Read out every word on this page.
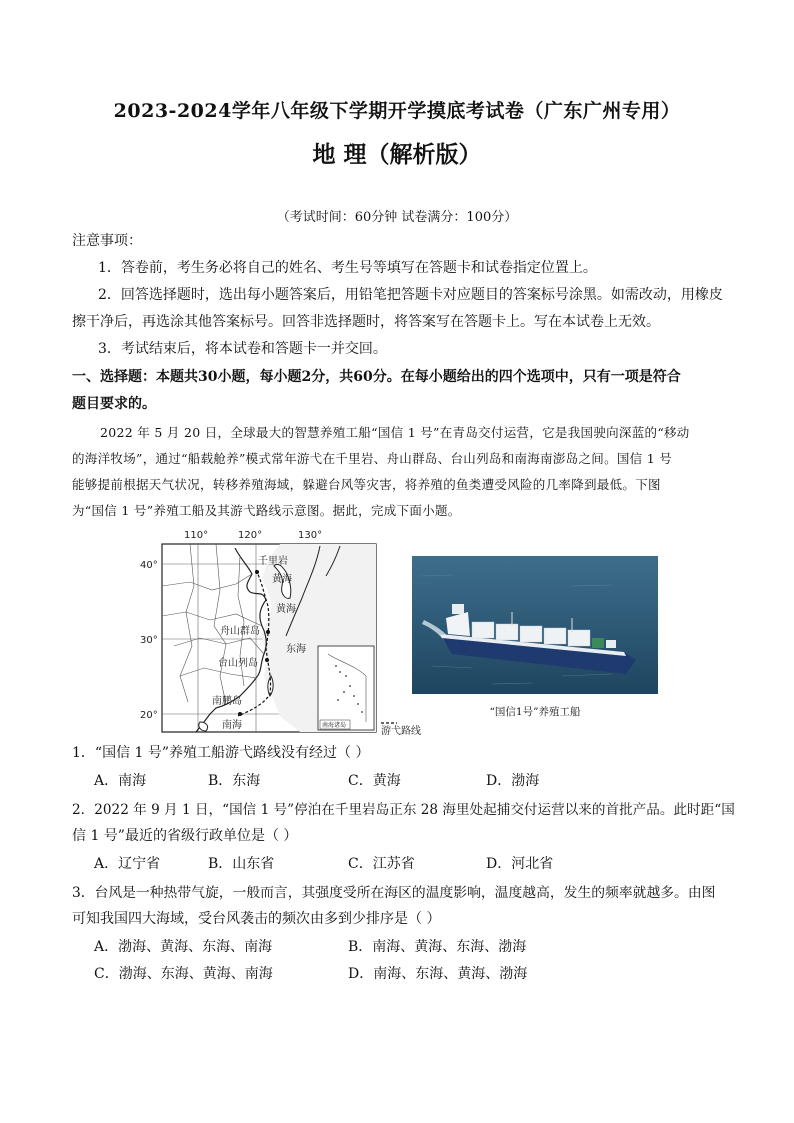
2023-2024学年八年级下学期开学摸底考试卷（广东广州专用）
地 理（解析版）
（考试时间：60分钟 试卷满分：100分）
注意事项：
1．答卷前，考生务必将自己的姓名、考生号等填写在答题卡和试卷指定位置上。
2．回答选择题时，选出每小题答案后，用铅笔把答题卡对应题目的答案标号涂黑。如需改动，用橡皮
擦干净后，再选涂其他答案标号。回答非选择题时，将答案写在答题卡上。写在本试卷上无效。
3．考试结束后，将本试卷和答题卡一并交回。
一、选择题：本题共30小题，每小题2分，共60分。在每小题给出的四个选项中，只有一项是符合
题目要求的。
2022 年 5 月 20 日，全球最大的智慧养殖工船“国信 1 号”在青岛交付运营，它是我国驶向深蓝的“移动
的海洋牧场”，通过“船载舱养”模式常年游弋在千里岩、舟山群岛、台山列岛和南海南澎岛之间。国信 1 号
能够提前根据天气状况，转移养殖海域，躲避台风等灾害，将养殖的鱼类遭受风险的几率降到最低。下图
为“国信 1 号”养殖工船及其游弋路线示意图。据此，完成下面小题。
110°	120°	130°
40°
30°
20°
千里岩
黄海
黄海
舟山群岛
东海
台山列岛
南鹏岛
南海	南海诸岛
游弋路线
“国信1号”养殖工船
1．“国信 1 号”养殖工船游弋路线没有经过（ ）
A．南海	B．东海	C．黄海	D．渤海
2．2022 年 9 月 1 日，“国信 1 号”停泊在千里岩岛正东 28 海里处起捕交付运营以来的首批产品。此时距“国
信 1 号”最近的省级行政单位是（ ）
A．辽宁省	B．山东省	C．江苏省	D．河北省
3．台风是一种热带气旋，一般而言，其强度受所在海区的温度影响，温度越高，发生的频率就越多。由图
可知我国四大海域，受台风袭击的频次由多到少排序是（ ）
A．渤海、黄海、东海、南海	B．南海、黄海、东海、渤海
C．渤海、东海、黄海、南海	D．南海、东海、黄海、渤海
